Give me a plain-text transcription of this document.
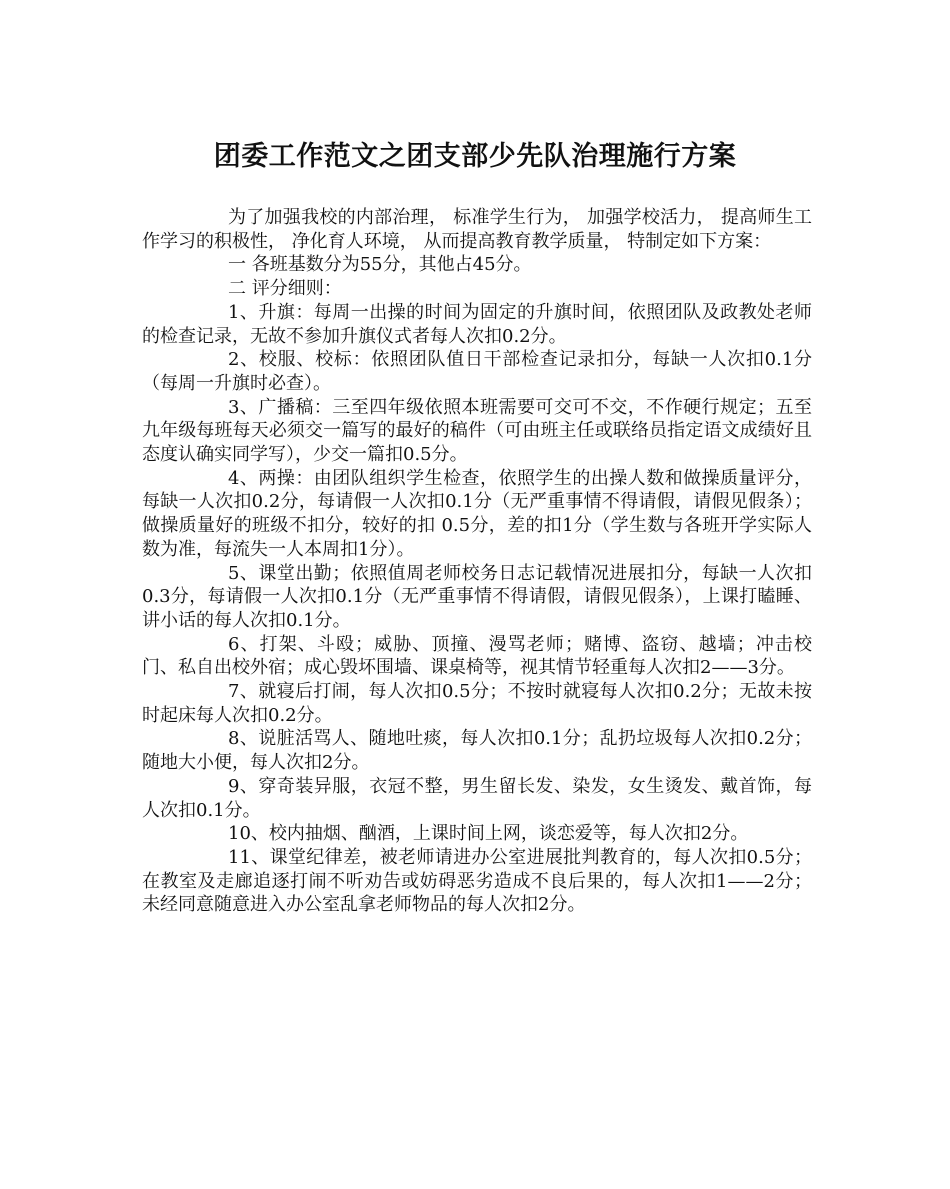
团委工作范文之团支部少先队治理施行方案

为了加强我校的内部治理， 标准学生行为， 加强学校活力， 提高师生工作学习的积极性， 净化育人环境， 从而提高教育教学质量， 特制定如下方案：

一 各班基数分为55分，其他占45分。

二 评分细则：

1、升旗：每周一出操的时间为固定的升旗时间，依照团队及政教处老师的检查记录，无故不参加升旗仪式者每人次扣0.2分。

2、校服、校标：依照团队值日干部检查记录扣分，每缺一人次扣0.1分（每周一升旗时必查）。

3、广播稿：三至四年级依照本班需要可交可不交，不作硬行规定；五至九年级每班每天必须交一篇写的最好的稿件（可由班主任或联络员指定语文成绩好且态度认确实同学写），少交一篇扣0.5分。

4、两操：由团队组织学生检查，依照学生的出操人数和做操质量评分，每缺一人次扣0.2分，每请假一人次扣0.1分（无严重事情不得请假，请假见假条）；做操质量好的班级不扣分，较好的扣 0.5分，差的扣1分（学生数与各班开学实际人数为准，每流失一人本周扣1分）。

5、课堂出勤；依照值周老师校务日志记载情况进展扣分，每缺一人次扣0.3分，每请假一人次扣0.1分（无严重事情不得请假，请假见假条），上课打瞌睡、讲小话的每人次扣0.1分。

6、打架、斗殴；威胁、顶撞、漫骂老师；赌博、盗窃、越墙；冲击校门、私自出校外宿；成心毁坏围墙、课桌椅等，视其情节轻重每人次扣2——3分。

7、就寝后打闹，每人次扣0.5分；不按时就寝每人次扣0.2分；无故未按时起床每人次扣0.2分。

8、说脏活骂人、随地吐痰，每人次扣0.1分；乱扔垃圾每人次扣0.2分；随地大小便，每人次扣2分。

9、穿奇装异服，衣冠不整，男生留长发、染发，女生烫发、戴首饰，每人次扣0.1分。

10、校内抽烟、酗酒，上课时间上网，谈恋爱等，每人次扣2分。

11、课堂纪律差，被老师请进办公室进展批判教育的，每人次扣0.5分；在教室及走廊追逐打闹不听劝告或妨碍恶劣造成不良后果的，每人次扣1——2分；未经同意随意进入办公室乱拿老师物品的每人次扣2分。
